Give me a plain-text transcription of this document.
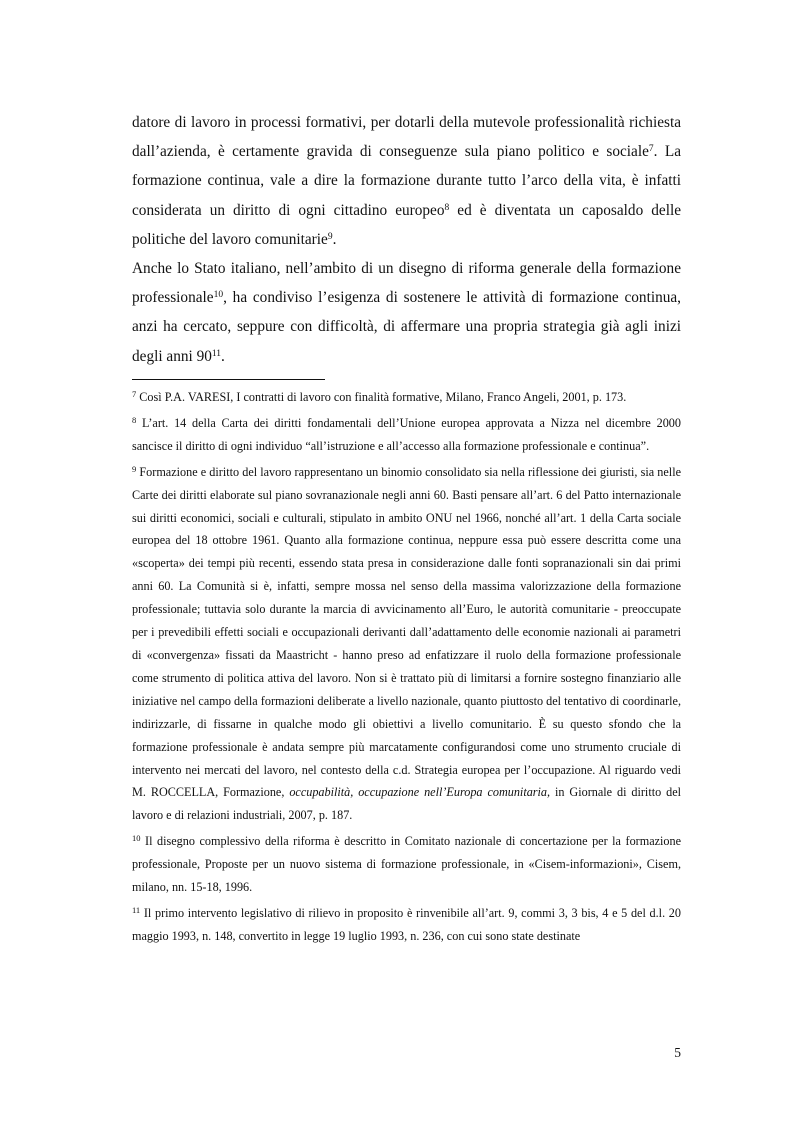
datore di lavoro in processi formativi, per dotarli della mutevole professionalità richiesta dall’azienda, è certamente gravida di conseguenze sula piano politico e sociale$^7$. La formazione continua, vale a dire la formazione durante tutto l’arco della vita, è infatti considerata un diritto di ogni cittadino europeo$^8$ ed è diventata un caposaldo delle politiche del lavoro comunitarie$^9$.

Anche lo Stato italiano, nell’ambito di un disegno di riforma generale della formazione professionale$^{10}$, ha condiviso l’esigenza di sostenere le attività di formazione continua, anzi ha cercato, seppure con difficoltà, di affermare una propria strategia già agli inizi degli anni $90^{11}$.

$^7$ Così P.A. VARESI, I contratti di lavoro con finalità formative, Milano, Franco Angeli, 2001, p. 173.

$^8$ L’art. 14 della Carta dei diritti fondamentali dell’Unione europea approvata a Nizza nel dicembre 2000 sancisce il diritto di ogni individuo “all’istruzione e all’accesso alla formazione professionale e continua”.

$^9$ Formazione e diritto del lavoro rappresentano un binomio consolidato sia nella riflessione dei giuristi, sia nelle Carte dei diritti elaborate sul piano sovranazionale negli anni 60. Basti pensare all’art. 6 del Patto internazionale sui diritti economici, sociali e culturali, stipulato in ambito ONU nel 1966, nonché all’art. 1 della Carta sociale europea del 18 ottobre 1961. Quanto alla formazione continua, neppure essa può essere descritta come una «scoperta» dei tempi più recenti, essendo stata presa in considerazione dalle fonti sopranazionali sin dai primi anni 60. La Comunità si è, infatti, sempre mossa nel senso della massima valorizzazione della formazione professionale; tuttavia solo durante la marcia di avvicinamento all’Euro, le autorità comunitarie - preoccupate per i prevedibili effetti sociali e occupazionali derivanti dall’adattamento delle economie nazionali ai parametri di «convergenza» fissati da Maastricht - hanno preso ad enfatizzare il ruolo della formazione professionale come strumento di politica attiva del lavoro. Non si è trattato più di limitarsi a fornire sostegno finanziario alle iniziative nel campo della formazioni deliberate a livello nazionale, quanto piuttosto del tentativo di coordinarle, indirizzarle, di fissarne in qualche modo gli obiettivi a livello comunitario. È su questo sfondo che la formazione professionale è andata sempre più marcatamente configurandosi come uno strumento cruciale di intervento nei mercati del lavoro, nel contesto della c.d. Strategia europea per l’occupazione. Al riguardo vedi M. ROCCELLA, Formazione, occupabilità, occupazione nell’Europa comunitaria, in Giornale di diritto del lavoro e di relazioni industriali, 2007, p. 187.

$^{10}$ Il disegno complessivo della riforma è descritto in Comitato nazionale di concertazione per la formazione professionale, Proposte per un nuovo sistema di formazione professionale, in «Cisem-informazioni», Cisem, milano, nn. 15-18, 1996.

$^{11}$ Il primo intervento legislativo di rilievo in proposito è rinvenibile all’art. 9, commi 3, 3 bis, 4 e 5 del d.l. 20 maggio 1993, n. 148, convertito in legge 19 luglio 1993, n. 236, con cui sono state destinate

5
